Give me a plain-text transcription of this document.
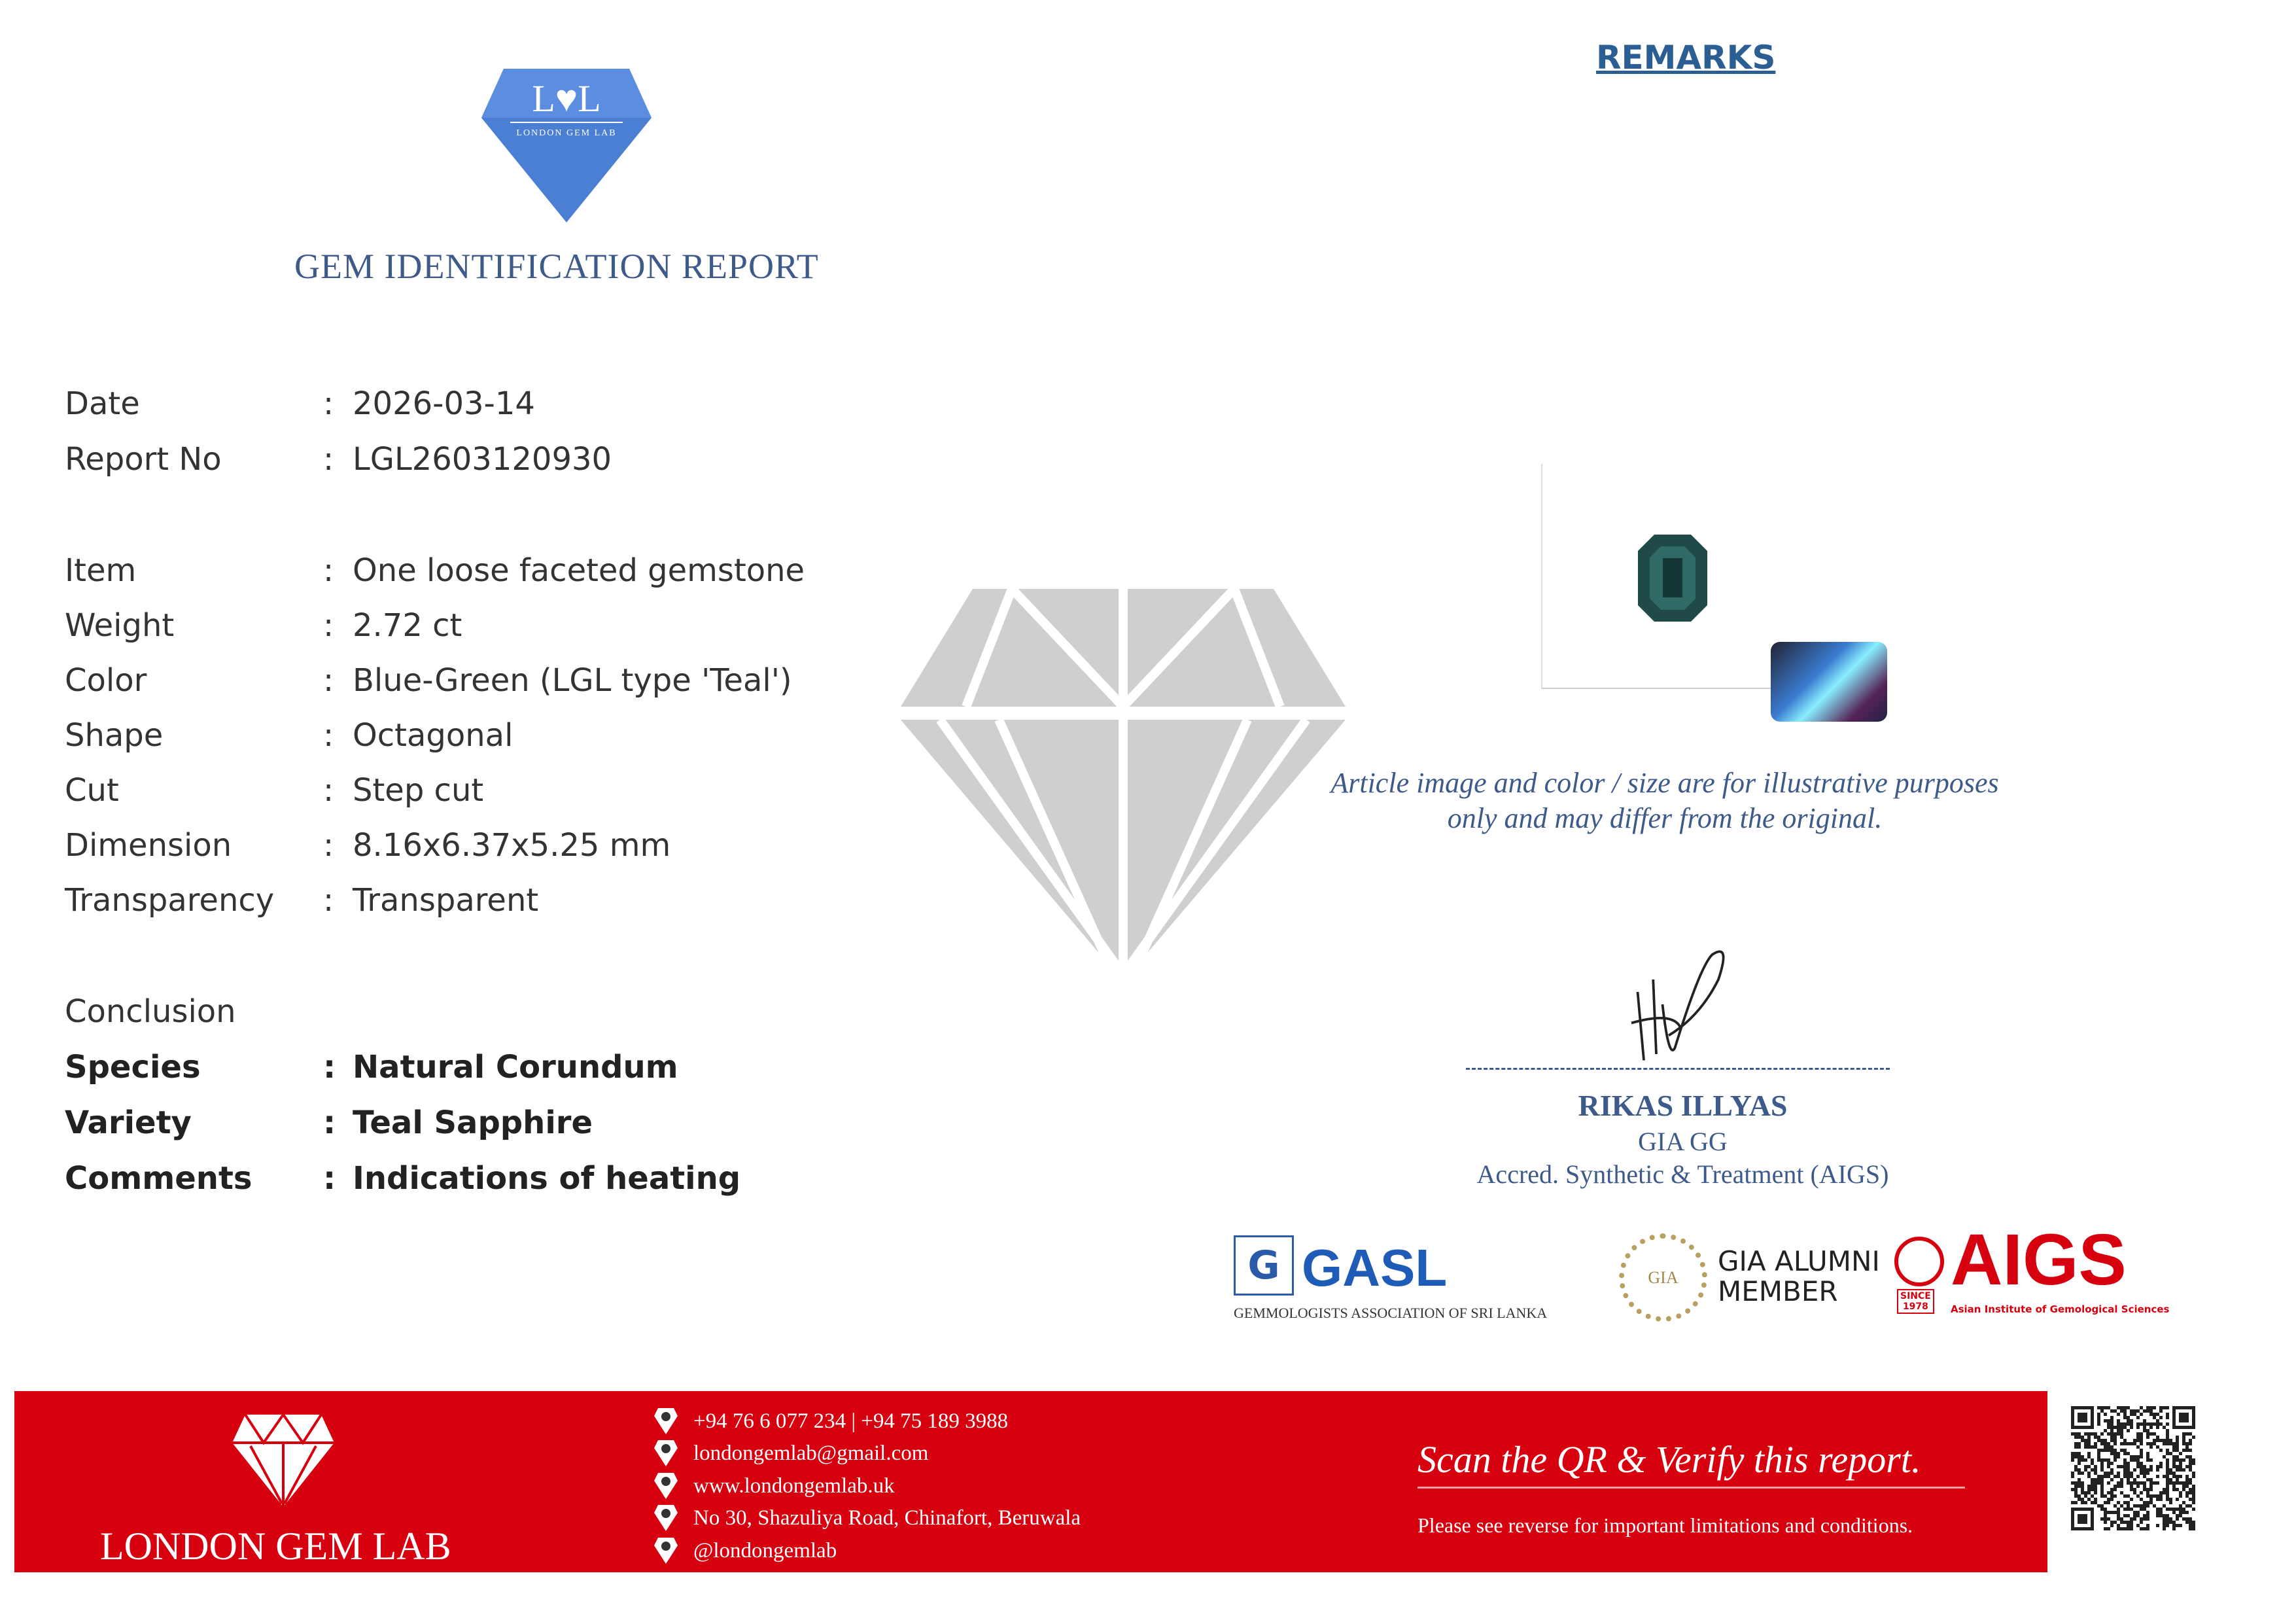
L♥L
LONDON GEM LAB
GEM IDENTIFICATION REPORT
Date	: 2026-03-14
Report No	: LGL2603120930
Item	: One loose faceted gemstone
Weight	: 2.72 ct
Color	: Blue-Green (LGL type 'Teal')
Shape	: Octagonal
Cut	: Step cut
Dimension	: 8.16x6.37x5.25 mm
Transparency : Transparent
Conclusion
Species	: Natural Corundum
Variety	: Teal Sapphire
Comments : Indications of heating
REMARKS
Article image and color / size are for illustrative purposes
only and may differ from the original.
RIKAS ILLYAS
GIA GG
Accred. Synthetic & Treatment (AIGS)
G GASL
GEMMOLOGISTS ASSOCIATION OF SRI LANKA
GIA	GIA ALUMNI
MEMBER	SINCE
1978
AIGS
Asian Institute of Gemological Sciences
LONDON GEM LAB
+94 76 6 077 234 | +94 75 189 3988
londongemlab@gmail.com
www.londongemlab.uk
No 30, Shazuliya Road, Chinafort, Beruwala
@londongemlab
Scan the QR & Verify this report.
Please see reverse for important limitations and conditions.
